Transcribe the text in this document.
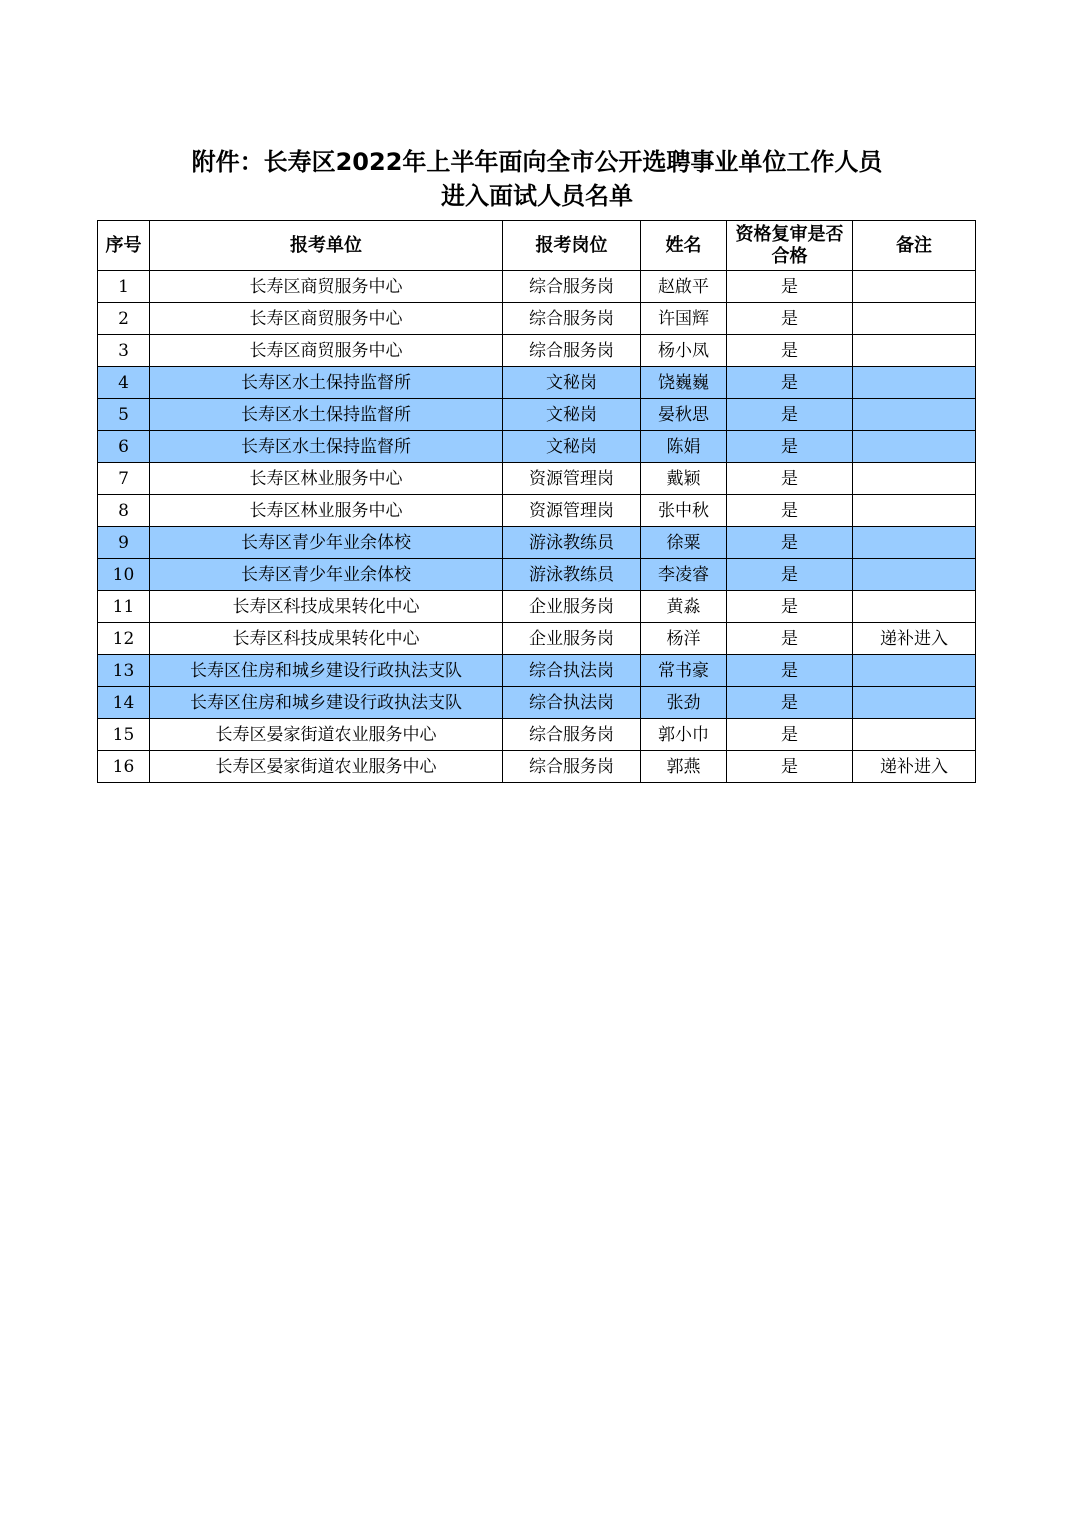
附件：长寿区2022年上半年面向全市公开选聘事业单位工作人员
进入面试人员名单
序号	报考单位	报考岗位	姓名	资格复审是否合格	备注
1	长寿区商贸服务中心	综合服务岗	赵啟平	是	
2	长寿区商贸服务中心	综合服务岗	许国辉	是	
3	长寿区商贸服务中心	综合服务岗	杨小凤	是	
4	长寿区水土保持监督所	文秘岗	饶巍巍	是	
5	长寿区水土保持监督所	文秘岗	晏秋思	是	
6	长寿区水土保持监督所	文秘岗	陈娟	是	
7	长寿区林业服务中心	资源管理岗	戴颖	是	
8	长寿区林业服务中心	资源管理岗	张中秋	是	
9	长寿区青少年业余体校	游泳教练员	徐粟	是	
10	长寿区青少年业余体校	游泳教练员	李凌睿	是	
11	长寿区科技成果转化中心	企业服务岗	黄淼	是	
12	长寿区科技成果转化中心	企业服务岗	杨洋	是	递补进入
13	长寿区住房和城乡建设行政执法支队	综合执法岗	常书豪	是	
14	长寿区住房和城乡建设行政执法支队	综合执法岗	张劲	是	
15	长寿区晏家街道农业服务中心	综合服务岗	郭小巾	是	
16	长寿区晏家街道农业服务中心	综合服务岗	郭燕	是	递补进入
